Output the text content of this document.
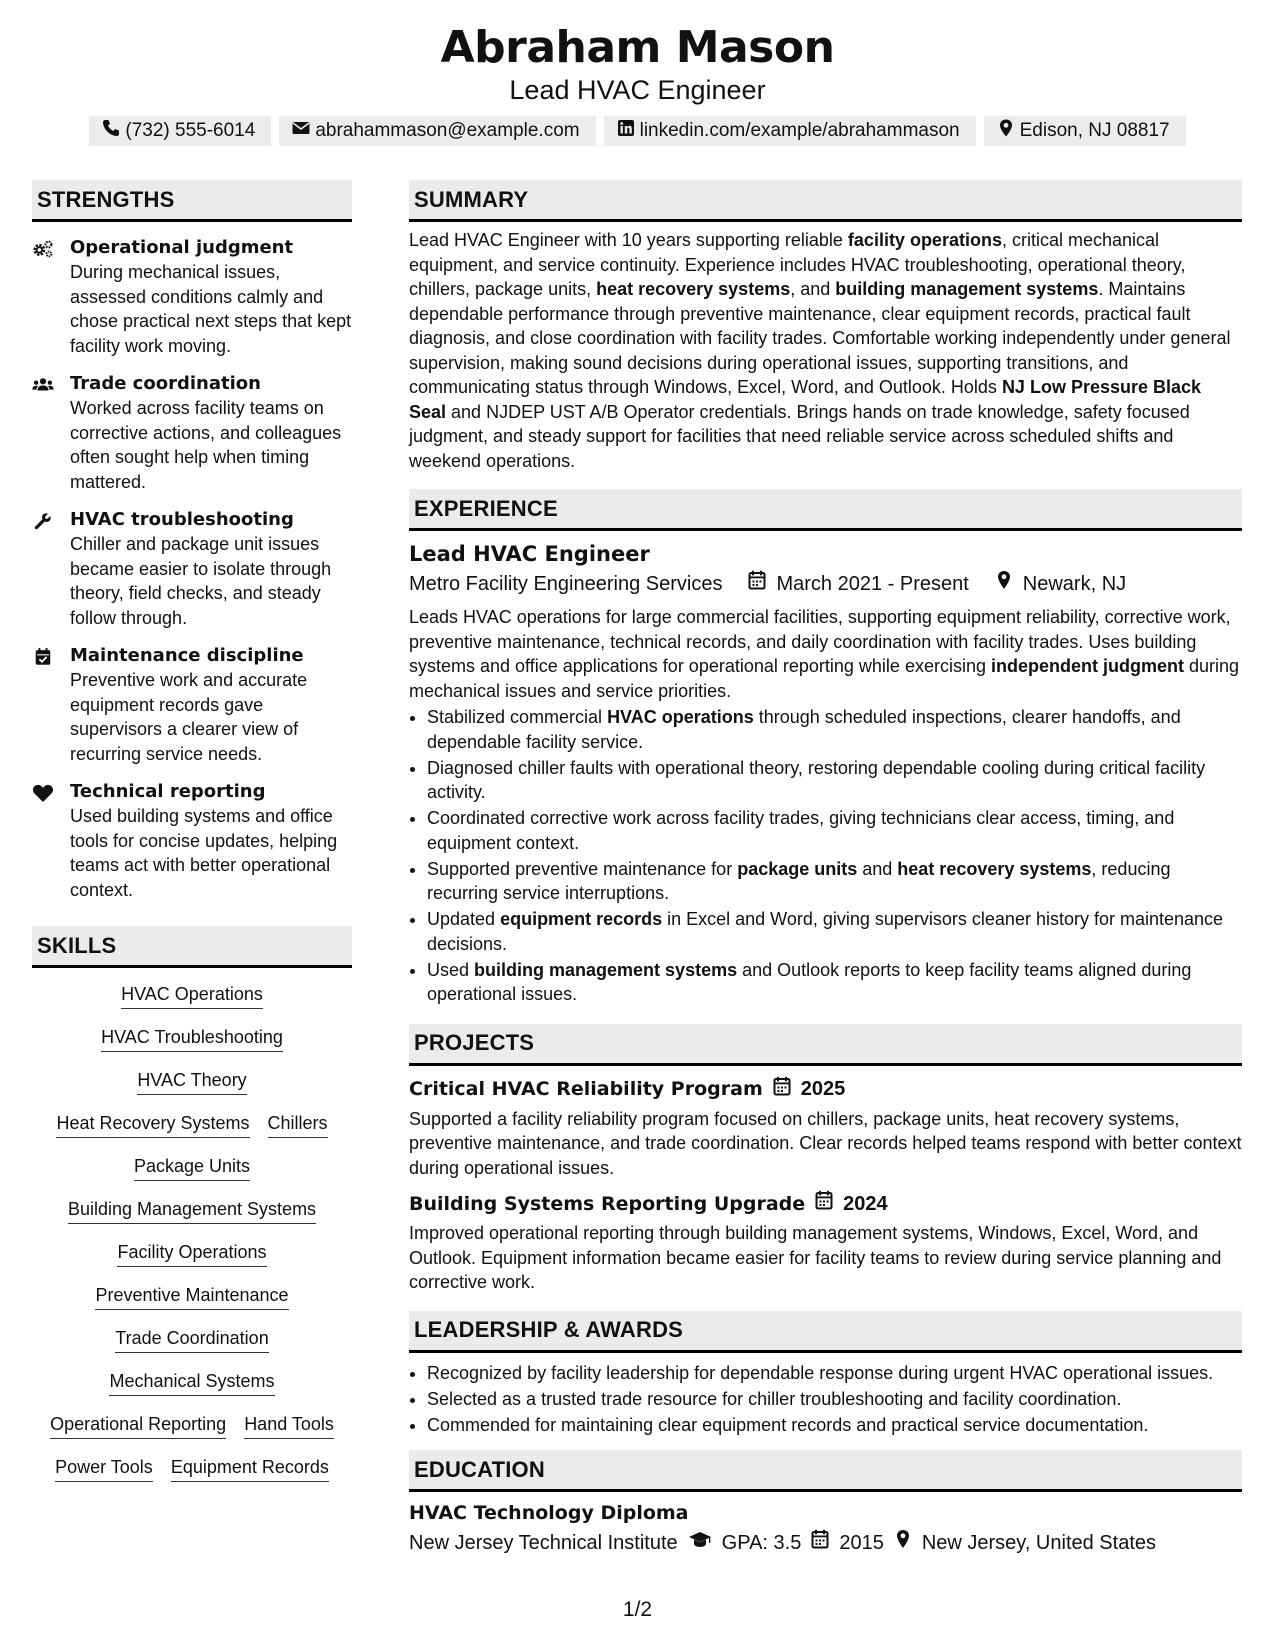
Abraham Mason
Lead HVAC Engineer
(732) 555-6014	abrahammason@example.com	linkedin.com/example/abrahammason	Edison, NJ 08817
STRENGTHS
Operational judgment
During mechanical issues, assessed conditions calmly and chose practical next steps that kept facility work moving.
Trade coordination
Worked across facility teams on corrective actions, and colleagues often sought help when timing mattered.
HVAC troubleshooting
Chiller and package unit issues became easier to isolate through theory, field checks, and steady follow through.
Maintenance discipline
Preventive work and accurate equipment records gave supervisors a clearer view of recurring service needs.
Technical reporting
Used building systems and office tools for concise updates, helping teams act with better operational context.
SKILLS
HVAC Operations
HVAC Troubleshooting
HVAC Theory
Heat Recovery Systems Chillers
Package Units
Building Management Systems
Facility Operations
Preventive Maintenance
Trade Coordination
Mechanical Systems
Operational Reporting Hand Tools
Power Tools Equipment Records
SUMMARY

Lead HVAC Engineer with 10 years supporting reliable facility operations, critical mechanical equipment, and service continuity. Experience includes HVAC troubleshooting, operational theory, chillers, package units, heat recovery systems, and building management systems. Maintains dependable performance through preventive maintenance, clear equipment records, practical fault diagnosis, and close coordination with facility trades. Comfortable working independently under general supervision, making sound decisions during operational issues, supporting transitions, and communicating status through Windows, Excel, Word, and Outlook. Holds NJ Low Pressure Black Seal and NJDEP UST A/B Operator credentials. Brings hands on trade knowledge, safety focused judgment, and steady support for facilities that need reliable service across scheduled shifts and weekend operations.

EXPERIENCE
Lead HVAC Engineer
Metro Facility Engineering Services	March 2021 - Present	Newark, NJ

Leads HVAC operations for large commercial facilities, supporting equipment reliability, corrective work, preventive maintenance, technical records, and daily coordination with facility trades. Uses building systems and office applications for operational reporting while exercising independent judgment during mechanical issues and service priorities.

• Stabilized commercial HVAC operations through scheduled inspections, clearer handoffs, and dependable facility service.
• Diagnosed chiller faults with operational theory, restoring dependable cooling during critical facility activity.
• Coordinated corrective work across facility trades, giving technicians clear access, timing, and equipment context.
• Supported preventive maintenance for package units and heat recovery systems, reducing recurring service interruptions.
• Updated equipment records in Excel and Word, giving supervisors cleaner history for maintenance decisions.
• Used building management systems and Outlook reports to keep facility teams aligned during operational issues.
PROJECTS
Critical HVAC Reliability Program 2025

Supported a facility reliability program focused on chillers, package units, heat recovery systems, preventive maintenance, and trade coordination. Clear records helped teams respond with better context during operational issues.

Building Systems Reporting Upgrade 2024

Improved operational reporting through building management systems, Windows, Excel, Word, and Outlook. Equipment information became easier for facility teams to review during service planning and corrective work.

LEADERSHIP & AWARDS
• Recognized by facility leadership for dependable response during urgent HVAC operational issues.
• Selected as a trusted trade resource for chiller troubleshooting and facility coordination.
• Commended for maintaining clear equipment records and practical service documentation.
EDUCATION
HVAC Technology Diploma
New Jersey Technical Institute GPA: 3.5 2015 New Jersey, United States
1/2
